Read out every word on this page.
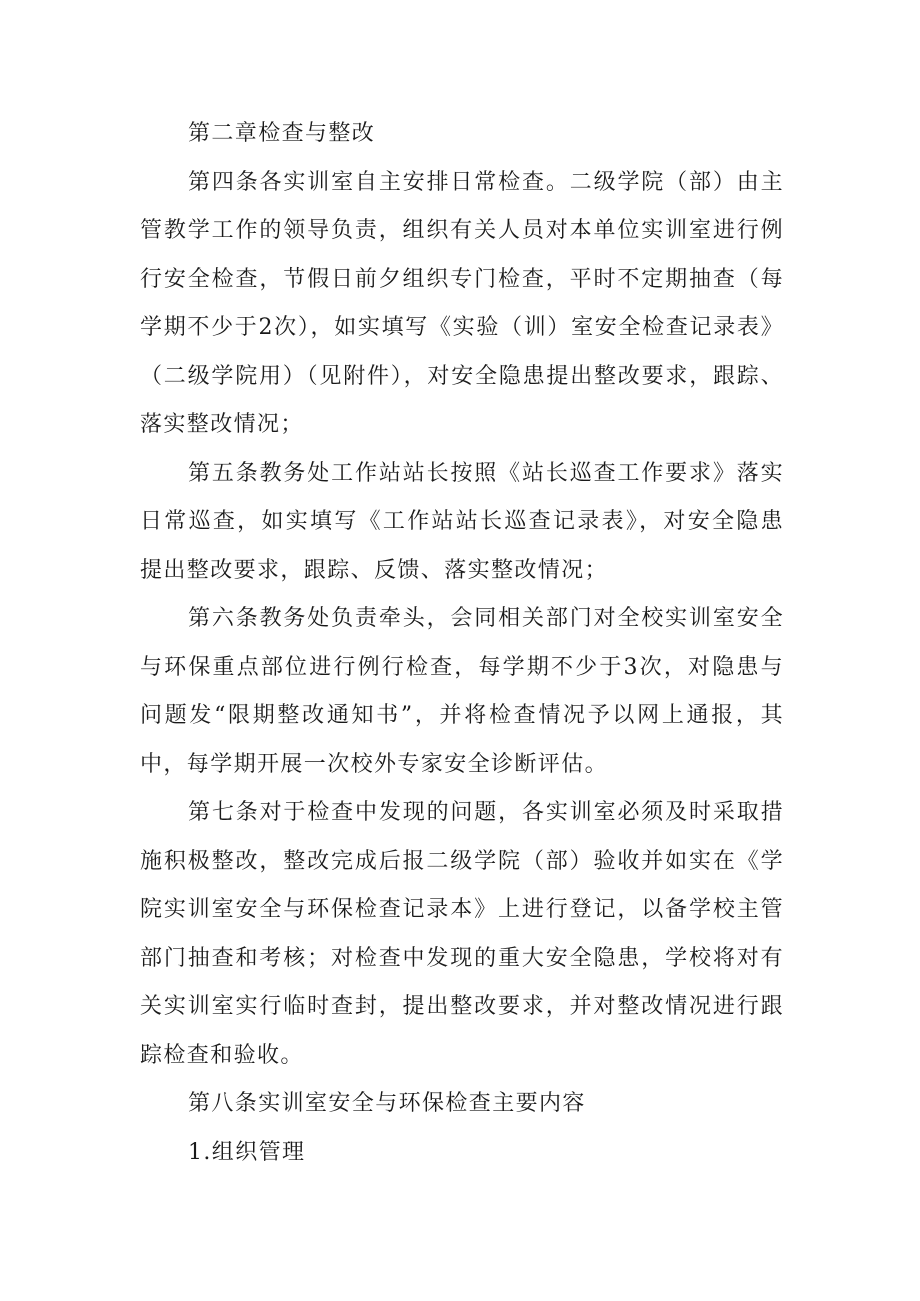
第二章检查与整改

第四条各实训室自主安排日常检查。二级学院（部）由主管教学工作的领导负责，组织有关人员对本单位实训室进行例行安全检查，节假日前夕组织专门检查，平时不定期抽查（每学期不少于2次），如实填写《实验（训）室安全检查记录表》（二级学院用）（见附件），对安全隐患提出整改要求，跟踪、落实整改情况；

第五条教务处工作站站长按照《站长巡查工作要求》落实日常巡查，如实填写《工作站站长巡查记录表》，对安全隐患提出整改要求，跟踪、反馈、落实整改情况；

第六条教务处负责牵头，会同相关部门对全校实训室安全与环保重点部位进行例行检查，每学期不少于3次，对隐患与问题发“限期整改通知书”，并将检查情况予以网上通报，其中，每学期开展一次校外专家安全诊断评估。

第七条对于检查中发现的问题，各实训室必须及时采取措施积极整改，整改完成后报二级学院（部）验收并如实在《学院实训室安全与环保检查记录本》上进行登记，以备学校主管部门抽查和考核；对检查中发现的重大安全隐患，学校将对有关实训室实行临时查封，提出整改要求，并对整改情况进行跟踪检查和验收。

第八条实训室安全与环保检查主要内容

1.组织管理
